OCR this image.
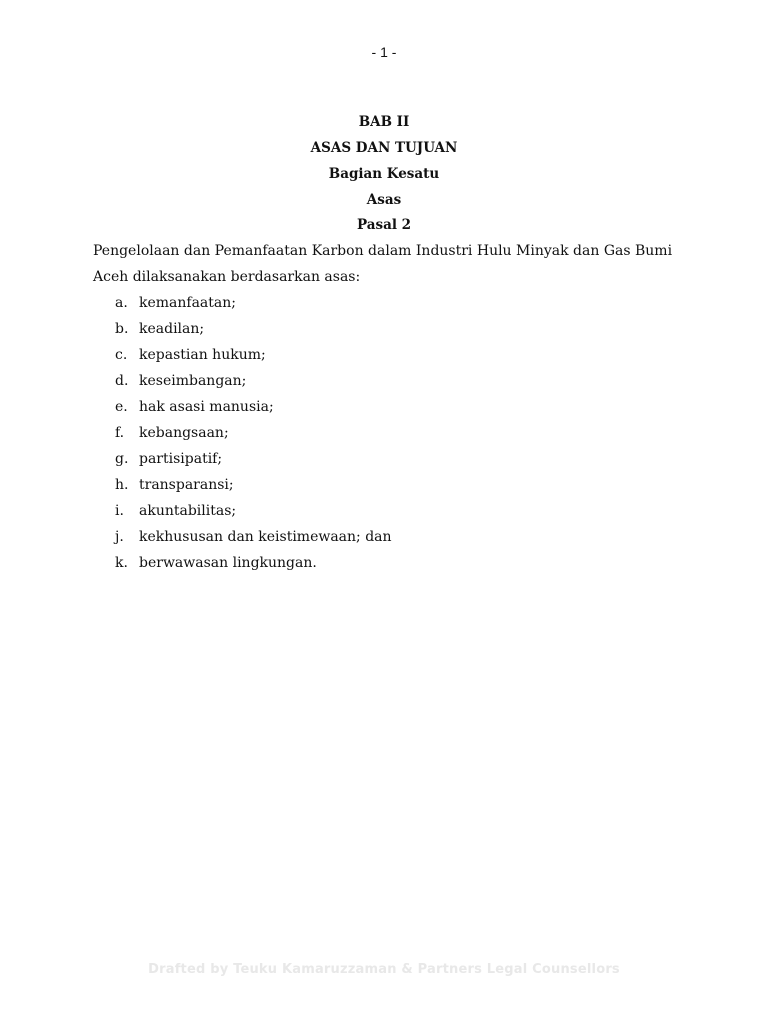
- 1 -
BAB II
ASAS DAN TUJUAN
Bagian Kesatu
Asas
Pasal 2
Pengelolaan dan Pemanfaatan Karbon dalam Industri Hulu Minyak dan Gas Bumi Aceh dilaksanakan berdasarkan asas:
a. kemanfaatan;
b. keadilan;
c. kepastian hukum;
d. keseimbangan;
e. hak asasi manusia;
f.	kebangsaan;
g. partisipatif;
h. transparansi;
i.	akuntabilitas;
j.	kekhususan dan keistimewaan; dan
k. berwawasan lingkungan.
Drafted by Teuku Kamaruzzaman & Partners Legal Counsellors
